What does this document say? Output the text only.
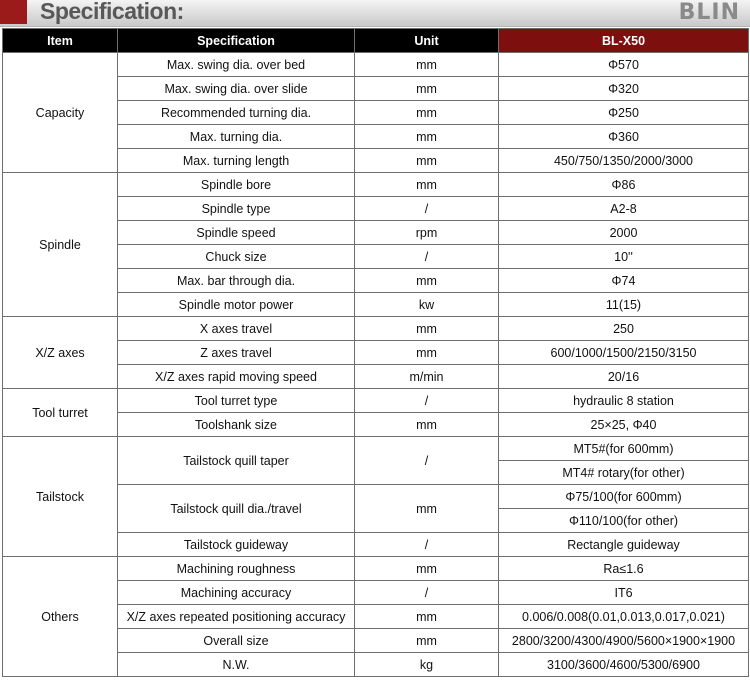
Specification:	BLIN
Item	Specification	Unit	BL-X50
Capacity	Max. swing dia. over bed	mm	Φ570
	Max. swing dia. over slide	mm	Φ320
	Recommended turning dia.	mm	Φ250
	Max. turning dia.	mm	Φ360
	Max. turning length	mm	450/750/1350/2000/3000
Spindle	Spindle bore	mm	Φ86
	Spindle type	/	A2-8
	Spindle speed	rpm	2000
	Chuck size	/	10''
	Max. bar through dia.	mm	Φ74
	Spindle motor power	kw	11(15)
X/Z axes	X axes travel	mm	250
	Z axes travel	mm	600/1000/1500/2150/3150
	X/Z axes rapid moving speed	m/min	20/16
Tool turret	Tool turret type	/	hydraulic 8 station
	Toolshank size	mm	25×25, Φ40
Tailstock	Tailstock quill taper	/	MT5#(for 600mm)
			MT4# rotary(for other)
	Tailstock quill dia./travel	mm	Φ75/100(for 600mm)
			Φ110/100(for other)
	Tailstock guideway	/	Rectangle guideway
Others	Machining roughness	mm	Ra≤1.6
	Machining accuracy	/	IT6
	X/Z axes repeated positioning accuracy	mm	0.006/0.008(0.01,0.013,0.017,0.021)
	Overall size	mm	2800/3200/4300/4900/5600×1900×1900
	N.W.	kg	3100/3600/4600/5300/6900
